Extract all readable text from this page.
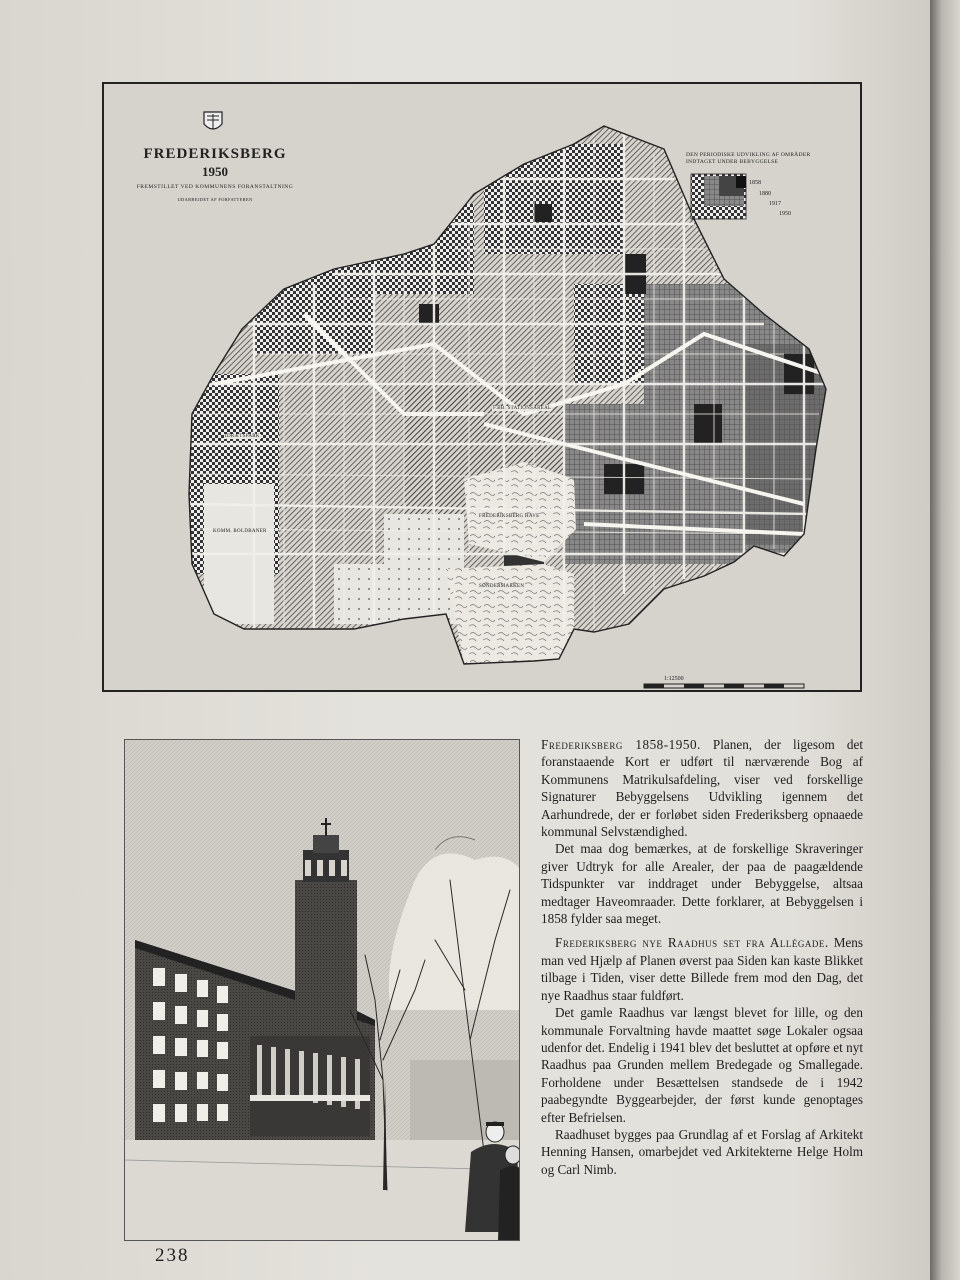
FREDERIKSBERG
1950
FREMSTILLET VED KOMMUNENS FORANSTALTNING
UDARBEJDET AF FORFATTEREN
DEN PERIODISKE UDVIKLING AF OMRÅDER INDTAGET UNDER BEBYGGELSE
1858
1880
1917
1950
F.BB. STATIONSAREAL
FREDERIKSBERG HAVE
SØNDERMARKEN
IDRÆTSPARK
KOMM. BOLDBANER
1:12500

Frederiksberg 1858-1950. Planen, der ligesom det foranstaaende Kort er udført til nærværende Bog af Kommunens Matrikulsafdeling, viser ved forskellige Signaturer Bebyggelsens Udvikling igennem det Aarhundrede, der er forløbet siden Frederiksberg opnaaede kommunal Selvstændighed.

Det maa dog bemærkes, at de forskellige Skraveringer giver Udtryk for alle Arealer, der paa de paagældende Tidspunkter var inddraget under Bebyggelse, altsaa medtager Haveomraader. Dette forklarer, at Bebyggelsen i 1858 fylder saa meget.

Frederiksberg nye Raadhus set fra Allégade. Mens man ved Hjælp af Planen øverst paa Siden kan kaste Blikket tilbage i Tiden, viser dette Billede frem mod den Dag, det nye Raadhus staar fuldført.

Det gamle Raadhus var længst blevet for lille, og den kommunale Forvaltning havde maattet søge Lokaler ogsaa udenfor det. Endelig i 1941 blev det besluttet at opføre et nyt Raadhus paa Grunden mellem Bredegade og Smallegade. Forholdene under Besættelsen standsede de i 1942 paabegyndte Byggearbejder, der først kunde genoptages efter Befrielsen.

Raadhuset bygges paa Grundlag af et Forslag af Arkitekt Henning Hansen, omarbejdet ved Arkitekterne Helge Holm og Carl Nimb.

238
